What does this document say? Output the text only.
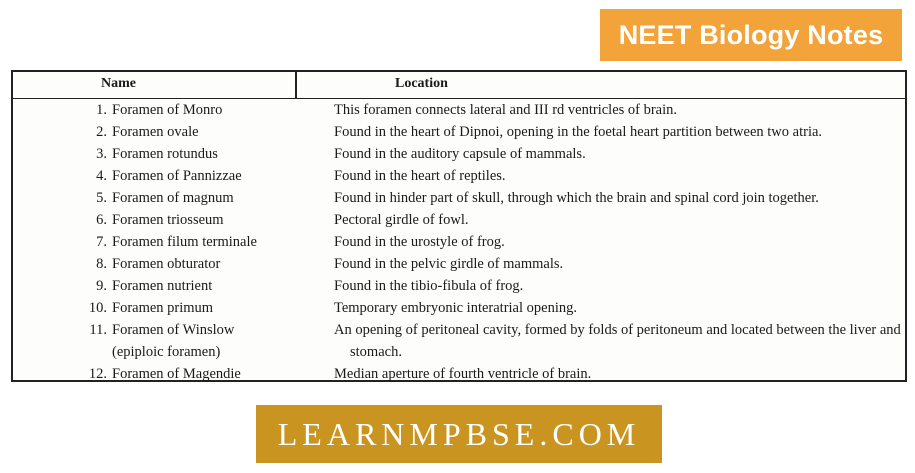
NEET Biology Notes
Name	Location
1. Foramen of Monro	This foramen connects lateral and III rd ventricles of brain.
2. Foramen ovale	Found in the heart of Dipnoi, opening in the foetal heart partition between two atria.
3. Foramen rotundus	Found in the auditory capsule of mammals.
4. Foramen of Pannizzae	Found in the heart of reptiles.
5. Foramen of magnum	Found in hinder part of skull, through which the brain and spinal cord join together.
6. Foramen triosseum	Pectoral girdle of fowl.
7. Foramen filum terminale	Found in the urostyle of frog.
8. Foramen obturator	Found in the pelvic girdle of mammals.
9. Foramen nutrient	Found in the tibio-fibula of frog.
10. Foramen primum	Temporary embryonic interatrial opening.
11. Foramen of Winslow	An opening of peritoneal cavity, formed by folds of peritoneum and located between the liver and
(epiploic foramen)	stomach.
12. Foramen of Magendie	Median aperture of fourth ventricle of brain.
LEARNMPBSE.COM
